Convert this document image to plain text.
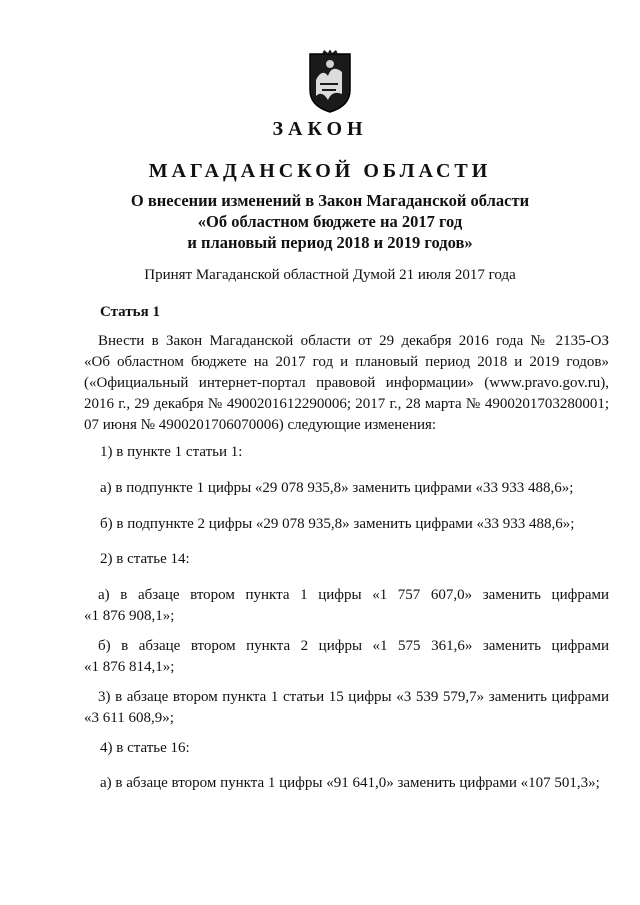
ЗАКОН
МАГАДАНСКОЙ ОБЛАСТИ
О внесении изменений в Закон Магаданской области
«Об областном бюджете на 2017 год
и плановый период 2018 и 2019 годов»
Принят Магаданской областной Думой 21 июля 2017 года
Статья 1
Внести в Закон Магаданской области от 29 декабря 2016 года № 2135-ОЗ
«Об областном бюджете на 2017 год и плановый период 2018 и 2019 годов»
(«Официальный интернет-портал правовой информации» (www.pravo.gov.ru),
2016 г., 29 декабря № 4900201612290006; 2017 г., 28 марта № 4900201703280001;
07 июня № 4900201706070006) следующие изменения:
1) в пункте 1 статьи 1:
а) в подпункте 1 цифры «29 078 935,8» заменить цифрами «33 933 488,6»;
б) в подпункте 2 цифры «29 078 935,8» заменить цифрами «33 933 488,6»;
2) в статье 14:
а) в абзаце втором пункта 1 цифры «1 757 607,0» заменить цифрами
«1 876 908,1»;
б) в абзаце втором пункта 2 цифры «1 575 361,6» заменить цифрами
«1 876 814,1»;
3) в абзаце втором пункта 1 статьи 15 цифры «3 539 579,7» заменить цифрами
«3 611 608,9»;
4) в статье 16:
а) в абзаце втором пункта 1 цифры «91 641,0» заменить цифрами «107 501,3»;
